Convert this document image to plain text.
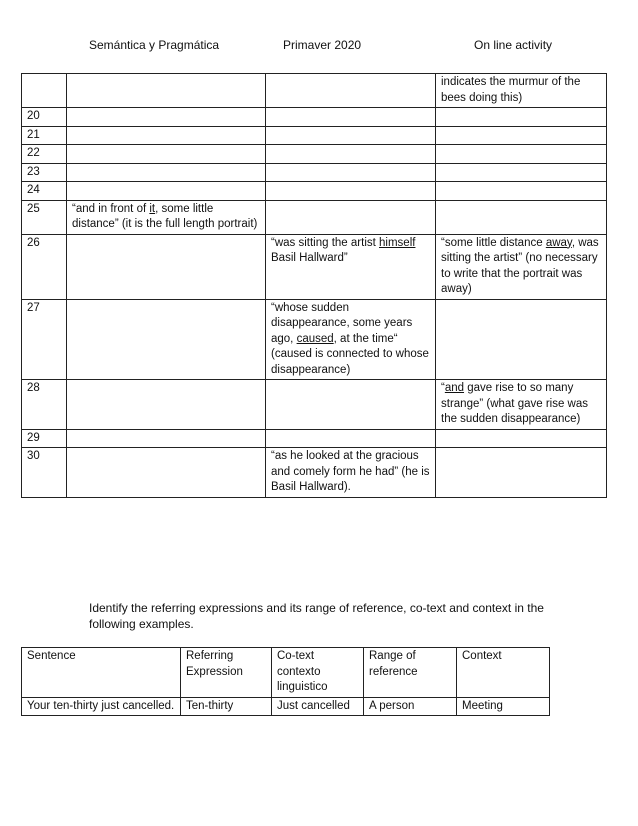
Semántica y Pragmática	Primaver 2020	On line activity
			indicates the murmur of the bees doing this)
20			
21			
22			
23			
24			
25	“and in front of it, some little distance” (it is the full length portrait)		
26		“was sitting the artist himself Basil Hallward”	“some little distance away, was sitting the artist” (no necessary to write that the portrait was away)
27		“whose sudden disappearance, some years ago, caused, at the time“ (caused is connected to whose disappearance)	
28			“and gave rise to so many strange” (what gave rise was the sudden disappearance)
29			
30		“as he looked at the gracious and comely form he had” (he is Basil Hallward).	
Identify the referring expressions and its range of reference, co-text and context in the following examples.
Sentence	Referring Expression	Co-text contexto linguistico	Range of reference	Context
Your ten-thirty just cancelled.	Ten-thirty	Just cancelled	A person	Meeting
